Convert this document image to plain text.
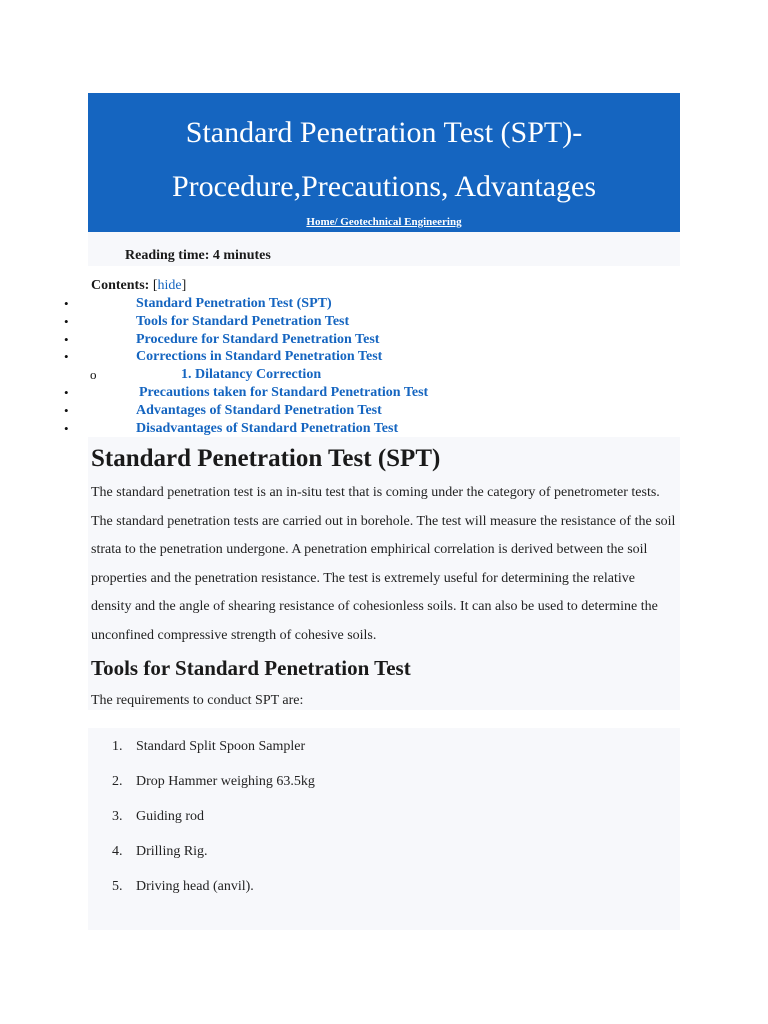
Standard Penetration Test (SPT)-
Procedure,Precautions, Advantages
Home/ Geotechnical Engineering
Reading time: 4 minutes
Contents: [hide]
•	Standard Penetration Test (SPT)
•	Tools for Standard Penetration Test
•	Procedure for Standard Penetration Test
•	Corrections in Standard Penetration Test
o	1. Dilatancy Correction
•	Precautions taken for Standard Penetration Test
•	Advantages of Standard Penetration Test
•	Disadvantages of Standard Penetration Test
Standard Penetration Test (SPT)

The standard penetration test is an in-situ test that is coming under the category of penetrometer tests. The standard penetration tests are carried out in borehole. The test will measure the resistance of the soil strata to the penetration undergone. A penetration emphirical correlation is derived between the soil properties and the penetration resistance. The test is extremely useful for determining the relative density and the angle of shearing resistance of cohesionless soils. It can also be used to determine the unconfined compressive strength of cohesive soils.

Tools for Standard Penetration Test

The requirements to conduct SPT are:

1. Standard Split Spoon Sampler
2. Drop Hammer weighing 63.5kg
3. Guiding rod
4. Drilling Rig.
5. Driving head (anvil).
